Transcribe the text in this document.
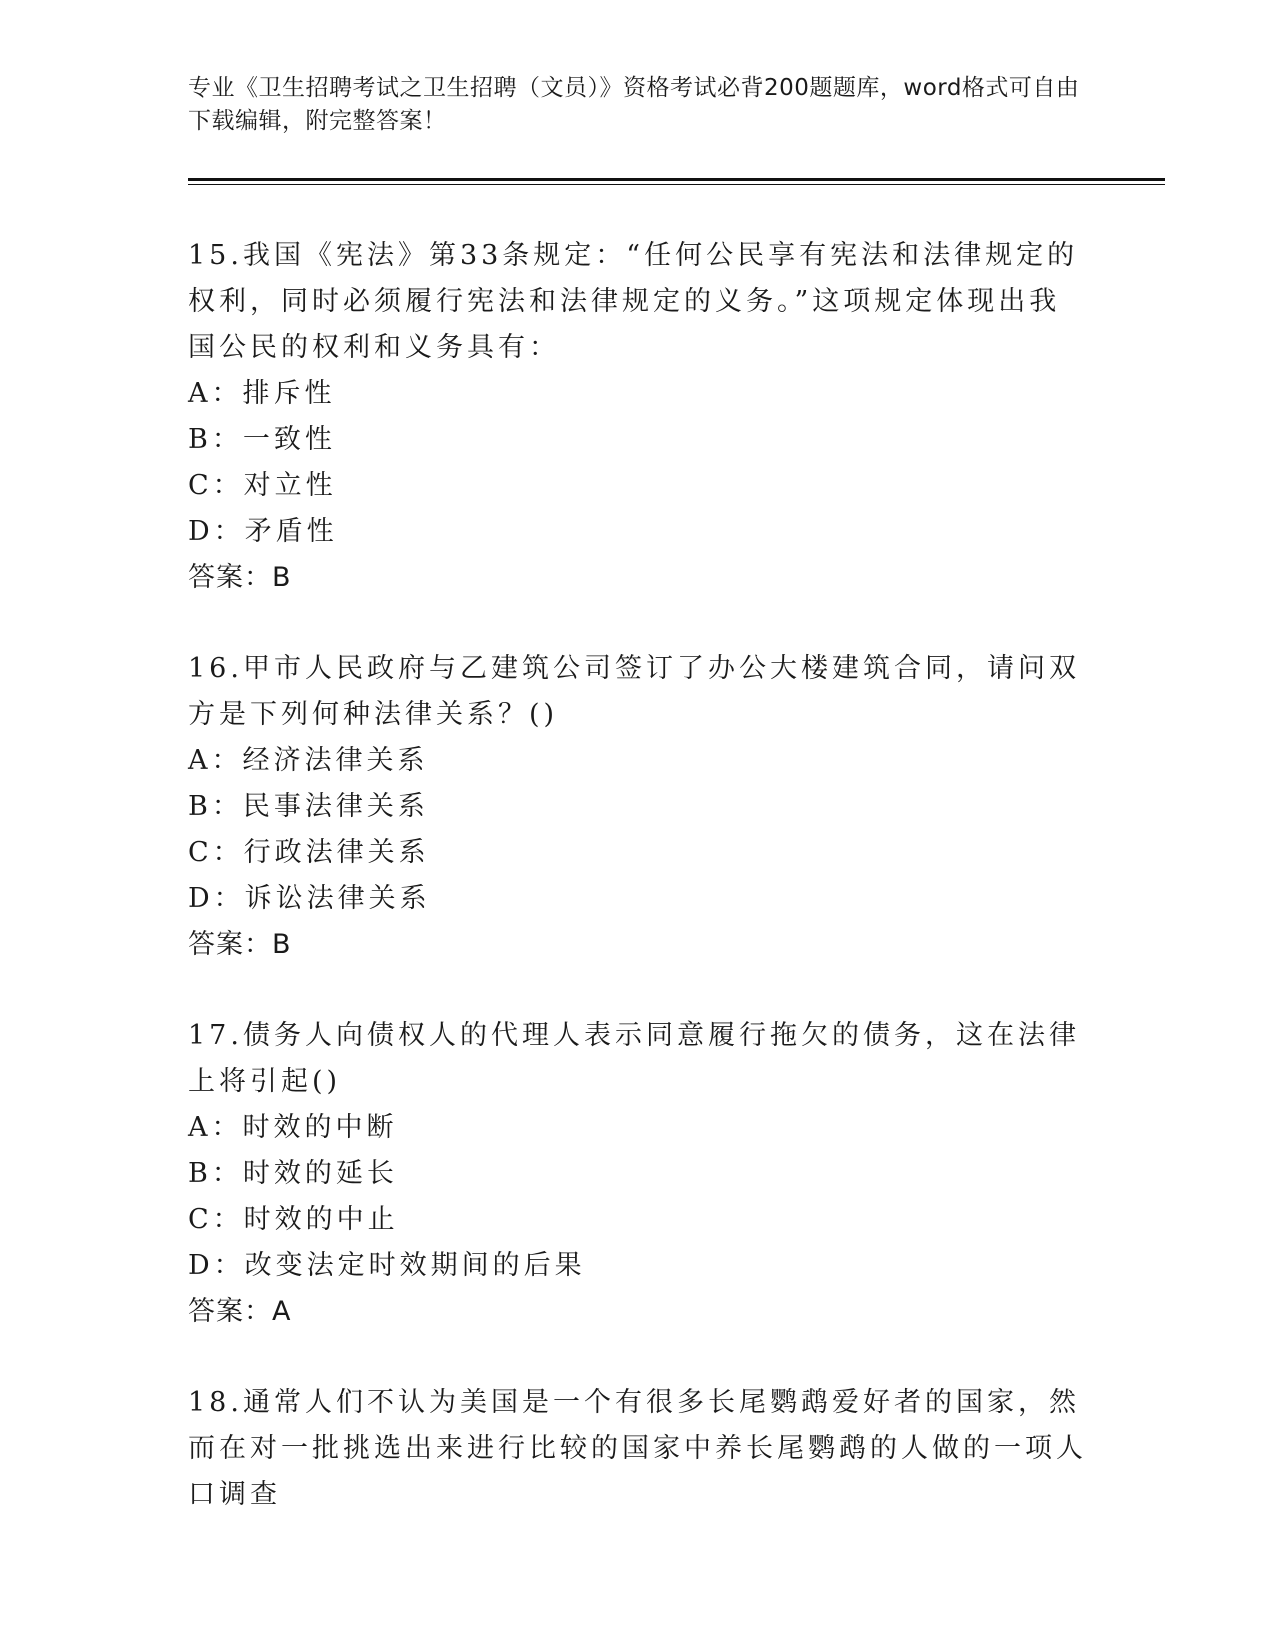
专业《卫生招聘考试之卫生招聘（文员）》资格考试必背200题题库，word格式可自由下载编辑，附完整答案！

15.我国《宪法》第33条规定：“任何公民享有宪法和法律规定的权利，同时必须履行宪法和法律规定的义务。”这项规定体现出我国公民的权利和义务具有：

A：排斥性

B：一致性

C：对立性

D：矛盾性

答案：B

16.甲市人民政府与乙建筑公司签订了办公大楼建筑合同，请问双方是下列何种法律关系？()

A：经济法律关系

B：民事法律关系

C：行政法律关系

D：诉讼法律关系

答案：B

17.债务人向债权人的代理人表示同意履行拖欠的债务，这在法律上将引起()

A：时效的中断

B：时效的延长

C：时效的中止

D：改变法定时效期间的后果

答案：A

18.通常人们不认为美国是一个有很多长尾鹦鹉爱好者的国家，然而在对一批挑选出来进行比较的国家中养长尾鹦鹉的人做的一项人口调查
